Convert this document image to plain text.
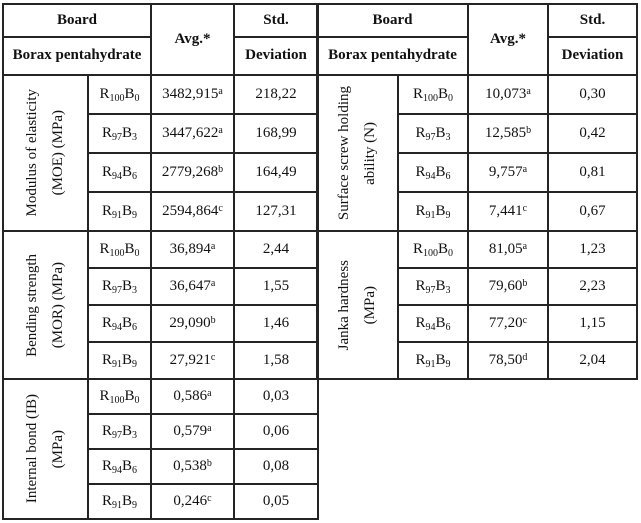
Board		Avg.*	Std.
Borax pentahydrate			Deviation

Modulus of elasticity (MOE) (MPa)	$R_{100}B_0$	3482,915$^a$	218,22
	$R_{97}B_3$	3447,622$^a$	168,99
	$R_{94}B_6$	2779,268$^b$	164,49
	$R_{91}B_9$	2594,864$^c$	127,31

Bending strength (MOR) (MPa)	$R_{100}B_0$	36,894$^a$	2,44
	$R_{97}B_3$	36,647$^a$	1,55
	$R_{94}B_6$	29,090$^b$	1,46
	$R_{91}B_9$	27,921$^c$	1,58

Internal bond (IB) (MPa)	$R_{100}B_0$	0,586$^a$	0,03
	$R_{97}B_3$	0,579$^a$	0,06
	$R_{94}B_6$	0,538$^b$	0,08
	$R_{91}B_9$	0,246$^c$	0,05
Board		Avg.*	Std.
Borax pentahydrate			Deviation

Surface screw holding ability (N)	$R_{100}B_0$	10,073$^a$	0,30
	$R_{97}B_3$	12,585$^b$	0,42
	$R_{94}B_6$	9,757$^a$	0,81
	$R_{91}B_9$	7,441$^c$	0,67

Janka hardness (MPa)	$R_{100}B_0$	81,05$^a$	1,23
	$R_{97}B_3$	79,60$^b$	2,23
	$R_{94}B_6$	77,20$^c$	1,15
	$R_{91}B_9$	78,50$^d$	2,04
